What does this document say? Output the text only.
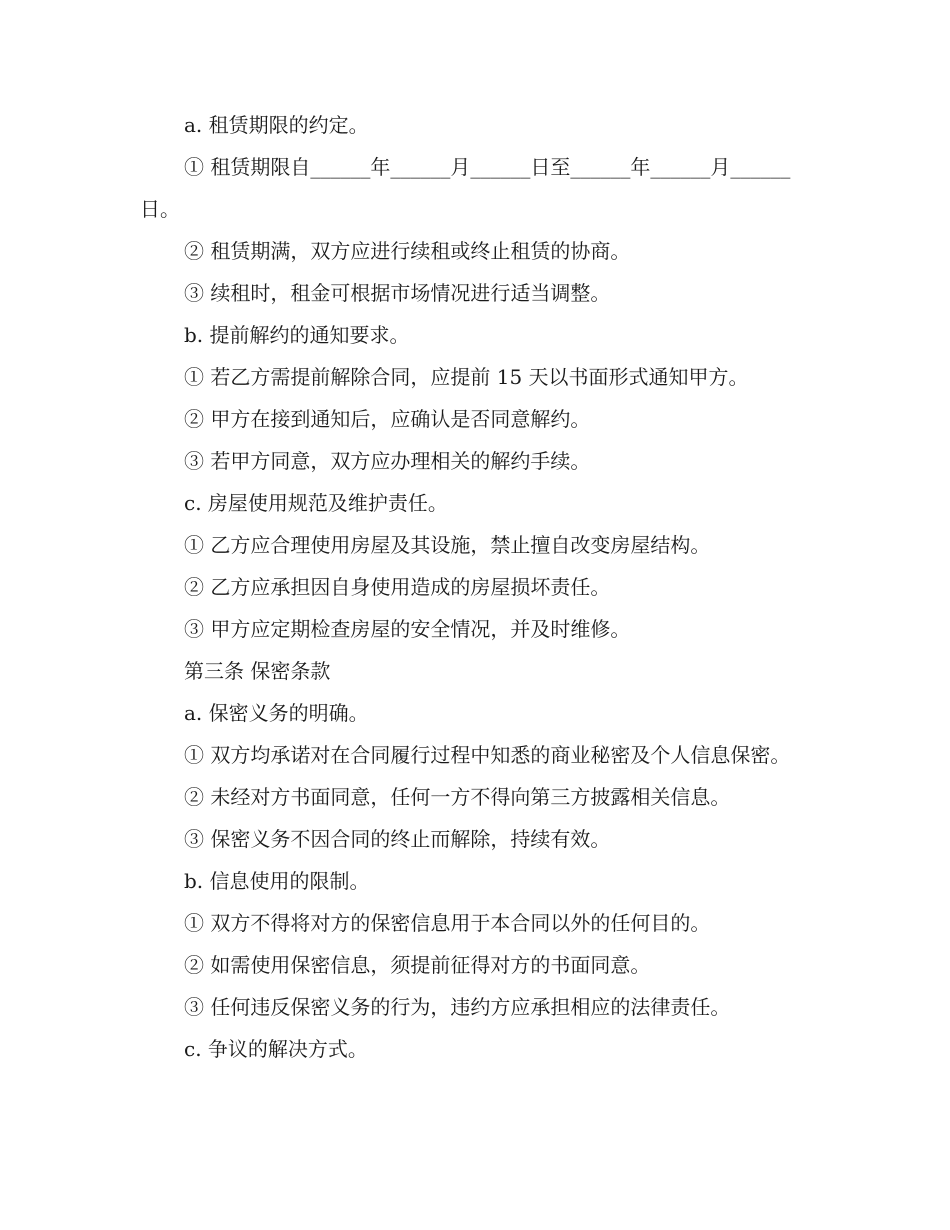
a. 租赁期限的约定。

① 租赁期限自______年______月______日至______年______月______日。

② 租赁期满，双方应进行续租或终止租赁的协商。

③ 续租时，租金可根据市场情况进行适当调整。

b. 提前解约的通知要求。

① 若乙方需提前解除合同，应提前 15 天以书面形式通知甲方。

② 甲方在接到通知后，应确认是否同意解约。

③ 若甲方同意，双方应办理相关的解约手续。

c. 房屋使用规范及维护责任。

① 乙方应合理使用房屋及其设施，禁止擅自改变房屋结构。

② 乙方应承担因自身使用造成的房屋损坏责任。

③ 甲方应定期检查房屋的安全情况，并及时维修。

第三条 保密条款

a. 保密义务的明确。

① 双方均承诺对在合同履行过程中知悉的商业秘密及个人信息保密。

② 未经对方书面同意，任何一方不得向第三方披露相关信息。

③ 保密义务不因合同的终止而解除，持续有效。

b. 信息使用的限制。

① 双方不得将对方的保密信息用于本合同以外的任何目的。

② 如需使用保密信息，须提前征得对方的书面同意。

③ 任何违反保密义务的行为，违约方应承担相应的法律责任。

c. 争议的解决方式。
